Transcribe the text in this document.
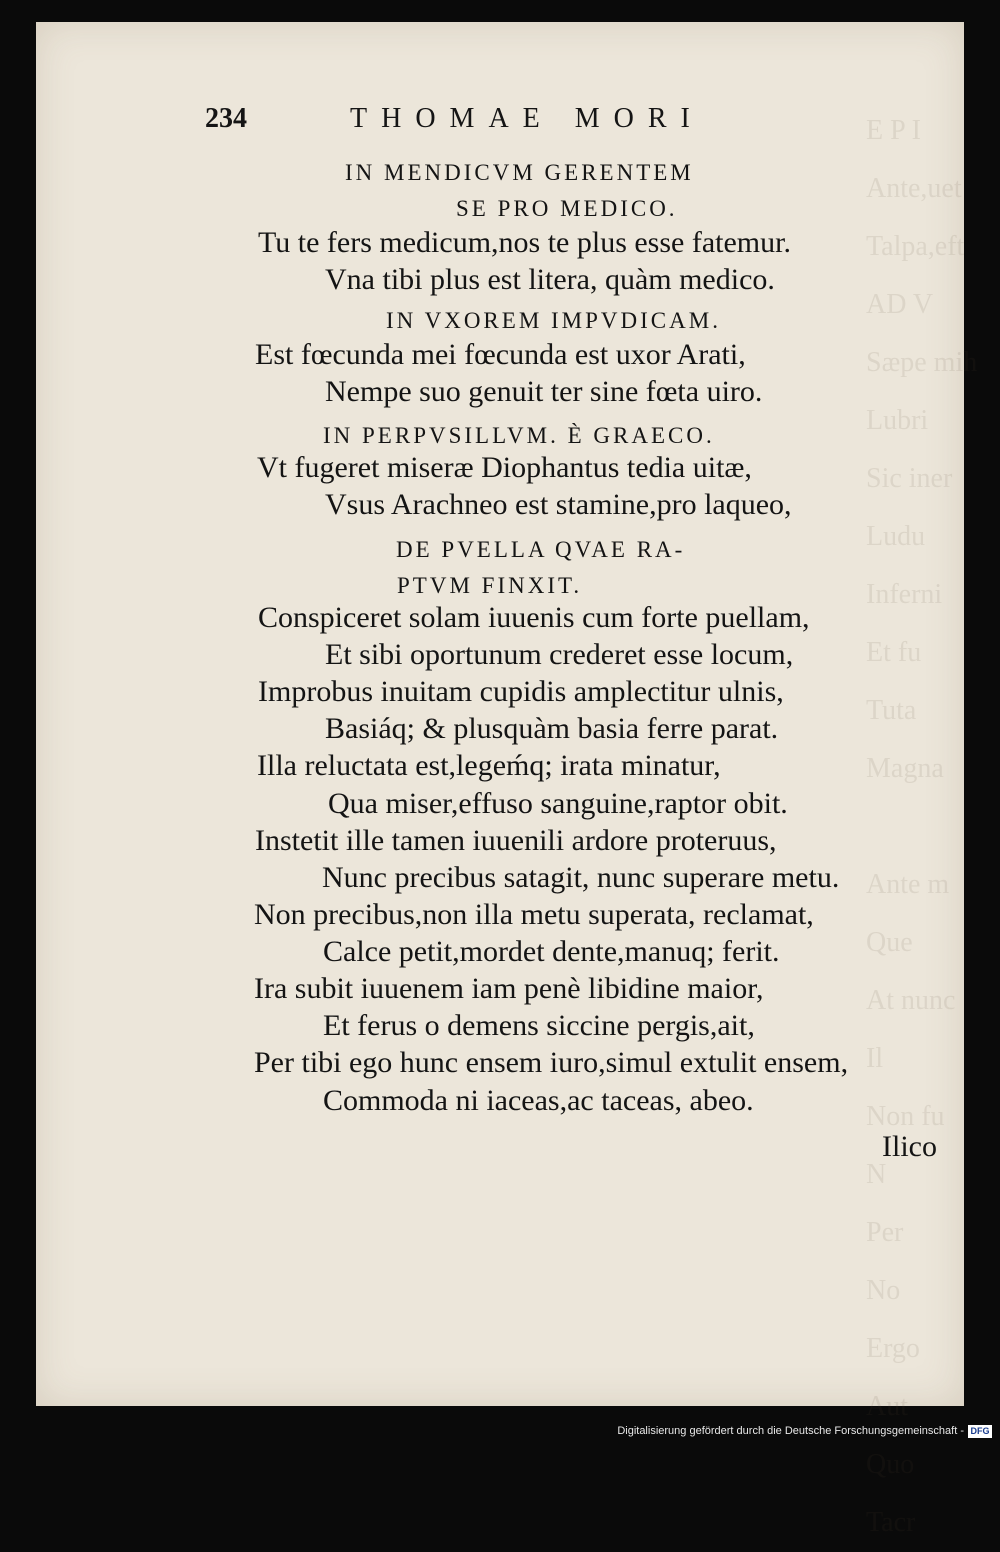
E P I
Ante,uet
Talpa,eft
AD V
Sæpe mih
Lubri
Sic iner
Ludu
Inferni
Et fu
Tuta
Magna

Ante m
Que
At nunc
Il
Non fu
N
Per
No
Ergo
Aut
Quo
Tacr
234	THOMAE MORI
IN MENDICVM GERENTEM
SE PRO MEDICO.
Tu te fers medicum,nos te plus esse fatemur.
Vna tibi plus est litera, quàm medico.
IN VXOREM IMPVDICAM.
Est fœcunda mei fœcunda est uxor Arati,
Nempe suo genuit ter sine fœta uiro.
IN PERPVSILLVM. È GRAECO.
Vt fugeret miseræ Diophantus tedia uitæ,
Vsus Arachneo est stamine,pro laqueo,
DE PVELLA QVAE RA-
PTVM FINXIT.
Conspiceret solam iuuenis cum forte puellam,
Et sibi oportunum crederet esse locum,
Improbus inuitam cupidis amplectitur ulnis,
Basiáq; & plusquàm basia ferre parat.
Illa reluctata est,legeḿq; irata minatur,
Qua miser,effuso sanguine,raptor obit.
Instetit ille tamen iuuenili ardore proteruus,
Nunc precibus satagit, nunc superare metu.
Non precibus,non illa metu superata, reclamat,
Calce petit,mordet dente,manuq; ferit.
Ira subit iuuenem iam penè libidine maior,
Et ferus o demens siccine pergis,ait,
Per tibi ego hunc ensem iuro,simul extulit ensem,
Commoda ni iaceas,ac taceas, abeo.
Ilico
Digitalisierung gefördert durch die Deutsche Forschungsgemeinschaft - DFG
